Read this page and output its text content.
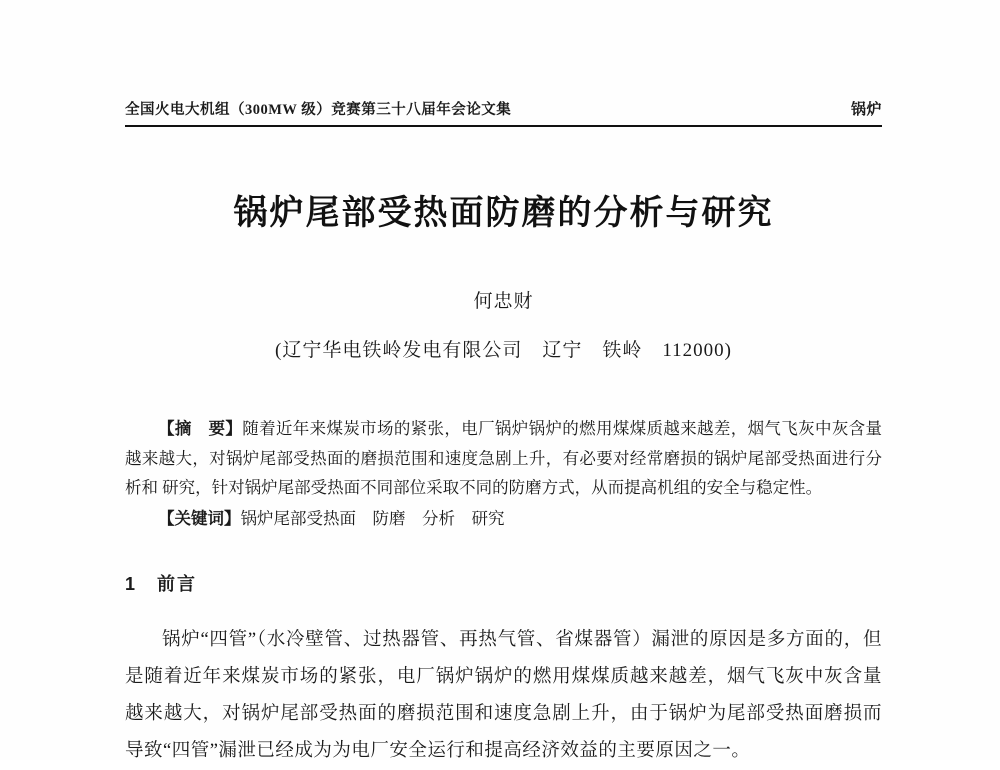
全国火电大机组（300MW 级）竞赛第三十八届年会论文集	锅炉
锅炉尾部受热面防磨的分析与研究
何忠财
(辽宁华电铁岭发电有限公司　辽宁　铁岭　112000)
【摘　要】随着近年来煤炭市场的紧张，电厂锅炉锅炉的燃用煤煤质越来越差，烟气飞灰中灰含量越来越大，对锅炉尾部受热面的磨损范围和速度急剧上升，有必要对经常磨损的锅炉尾部受热面进行分析和 研究，针对锅炉尾部受热面不同部位采取不同的防磨方式，从而提高机组的安全与稳定性。
【关键词】锅炉尾部受热面　防磨　分析　研究
1　前言
锅炉“四管”（水冷壁管、过热器管、再热气管、省煤器管）漏泄的原因是多方面的，但是随着近年来煤炭市场的紧张，电厂锅炉锅炉的燃用煤煤质越来越差，烟气飞灰中灰含量越来越大，对锅炉尾部受热面的磨损范围和速度急剧上升，由于锅炉为尾部受热面磨损而导致“四管”漏泄已经成为为电厂安全运行和提高经济效益的主要原因之一。
